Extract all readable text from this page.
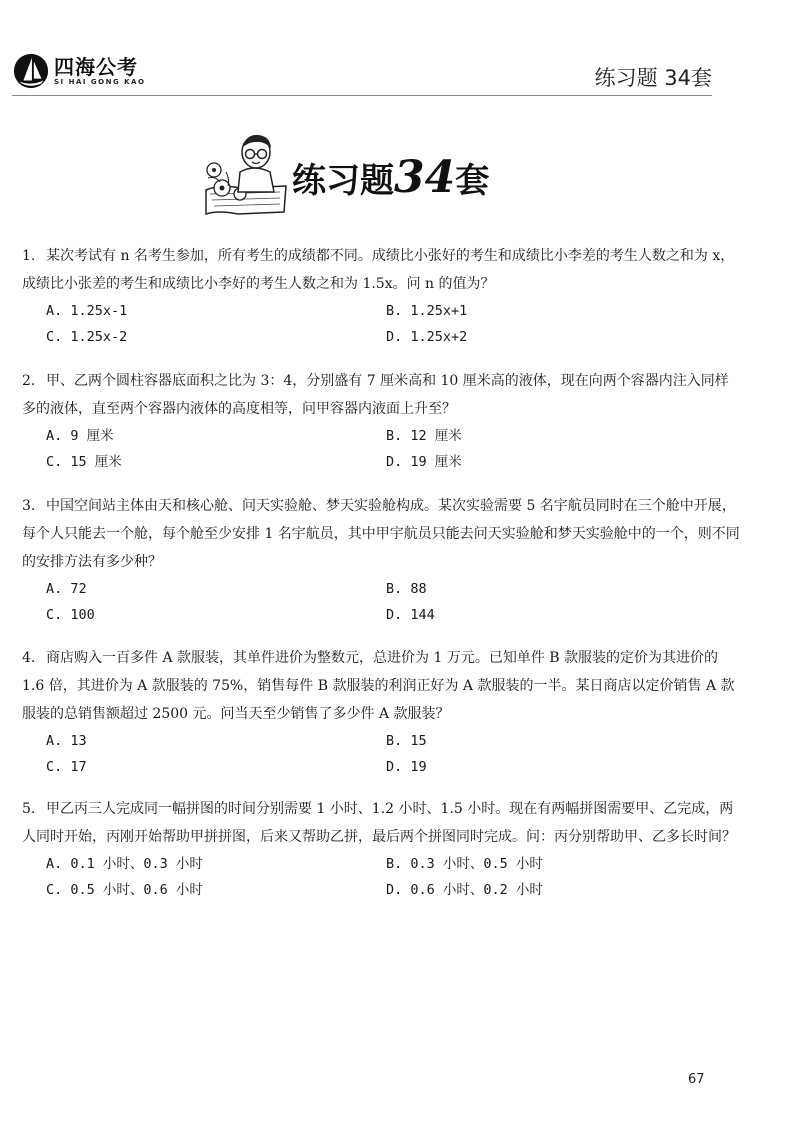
四海公考
SI HAI GONG KAO	练习题 34套
练习题34套
1. 某次考试有 n 名考生参加，所有考生的成绩都不同。成绩比小张好的考生和成绩比小李差的考生人数之和为 x，成绩比小张差的考生和成绩比小李好的考生人数之和为 1.5x。问 n 的值为？
A. 1.25x-1	B. 1.25x+1
C. 1.25x-2	D. 1.25x+2
2. 甲、乙两个圆柱容器底面积之比为 3：4，分别盛有 7 厘米高和 10 厘米高的液体，现在向两个容器内注入同样多的液体，直至两个容器内液体的高度相等，问甲容器内液面上升至？
A. 9 厘米	B. 12 厘米
C. 15 厘米	D. 19 厘米
3. 中国空间站主体由天和核心舱、问天实验舱、梦天实验舱构成。某次实验需要 5 名宇航员同时在三个舱中开展，每个人只能去一个舱，每个舱至少安排 1 名宇航员，其中甲宇航员只能去问天实验舱和梦天实验舱中的一个，则不同的安排方法有多少种？
A. 72	B. 88
C. 100	D. 144
4. 商店购入一百多件 A 款服装，其单件进价为整数元，总进价为 1 万元。已知单件 B 款服装的定价为其进价的 1.6 倍，其进价为 A 款服装的 75%，销售每件 B 款服装的利润正好为 A 款服装的一半。某日商店以定价销售 A 款服装的总销售额超过 2500 元。问当天至少销售了多少件 A 款服装？
A. 13	B. 15
C. 17	D. 19
5. 甲乙丙三人完成同一幅拼图的时间分别需要 1 小时、1.2 小时、1.5 小时。现在有两幅拼图需要甲、乙完成，两人同时开始，丙刚开始帮助甲拼拼图，后来又帮助乙拼，最后两个拼图同时完成。问：丙分别帮助甲、乙多长时间？
A. 0.1 小时、0.3 小时	B. 0.3 小时、0.5 小时
C. 0.5 小时、0.6 小时	D. 0.6 小时、0.2 小时
67
